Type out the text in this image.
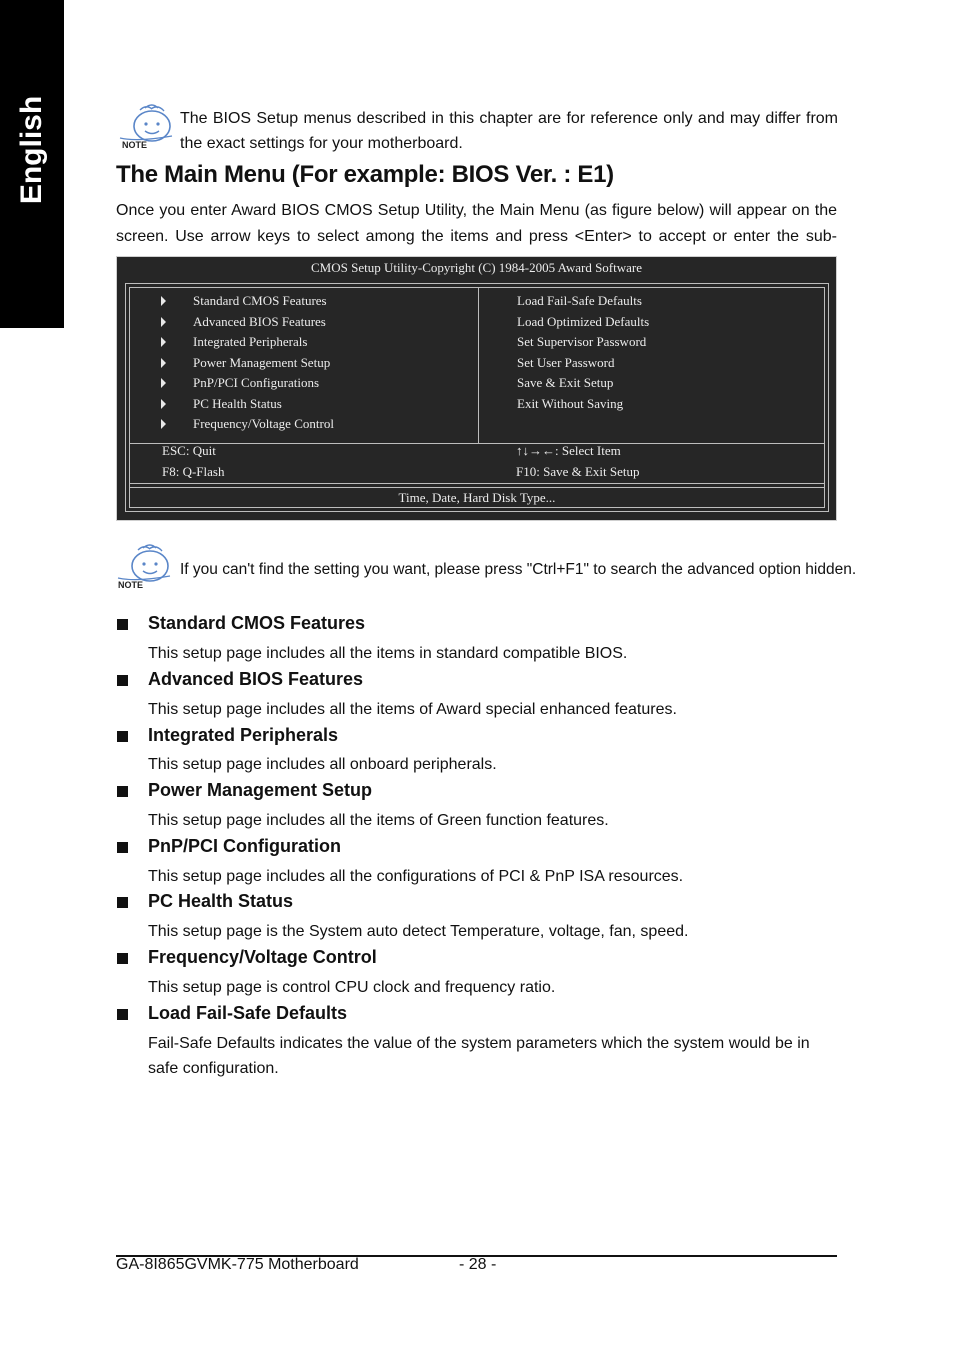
English	NOTE
The BIOS Setup menus described in this chapter are for reference only and may differ from the exact settings for your motherboard.
The Main Menu (For example: BIOS Ver. : E1)
Once you enter Award BIOS CMOS Setup Utility, the Main Menu (as figure below) will appear on the screen. Use arrow keys to select among the items and press <Enter> to accept or enter the sub-
CMOS Setup Utility-Copyright (C) 1984-2005 Award Software
Standard CMOS Features
Advanced BIOS Features
Integrated Peripherals
Power Management Setup
PnP/PCI Configurations
PC Health Status
Frequency/Voltage Control
Load Fail-Safe Defaults
Load Optimized Defaults
Set Supervisor Password
Set User Password
Save & Exit Setup
Exit Without Saving
ESC: Quit
F8: Q-Flash
↑↓→←: Select Item
F10: Save & Exit Setup
Time, Date, Hard Disk Type...
NOTE
If you can't find the setting you want, please press "Ctrl+F1" to search the advanced option hidden.
Standard CMOS Features
This setup page includes all the items in standard compatible BIOS.
Advanced BIOS Features
This setup page includes all the items of Award special enhanced features.
Integrated Peripherals
This setup page includes all onboard peripherals.
Power Management Setup
This setup page includes all the items of Green function features.
PnP/PCI Configuration
This setup page includes all the configurations of PCI & PnP ISA resources.
PC Health Status
This setup page is the System auto detect Temperature, voltage, fan, speed.
Frequency/Voltage Control
This setup page is control CPU clock and frequency ratio.
Load Fail-Safe Defaults
Fail-Safe Defaults indicates the value of the system parameters which the system would be in safe configuration.
GA-8I865GVMK-775 Motherboard	- 28 -
